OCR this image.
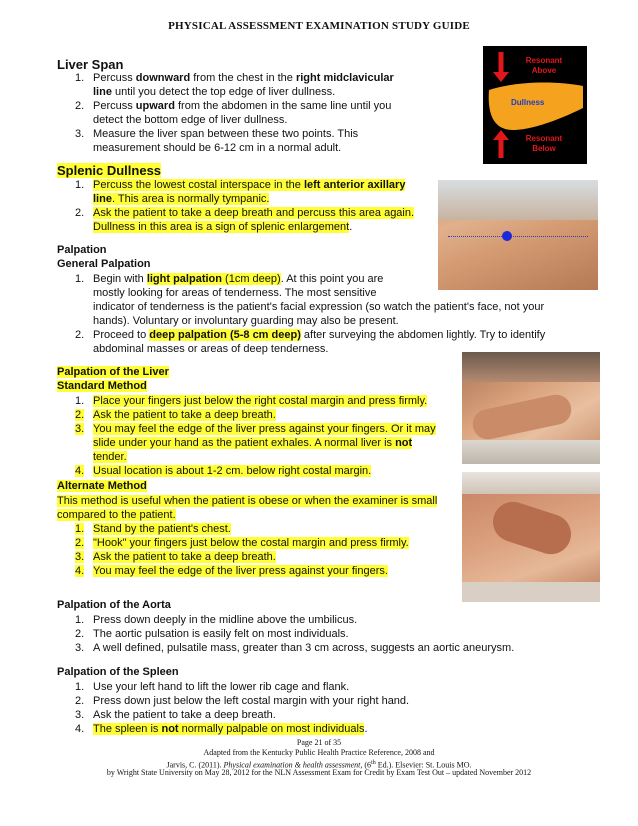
PHYSICAL ASSESSMENT EXAMINATION STUDY GUIDE
Liver Span
1. Percuss downward from the chest in the right midclavicular
line until you detect the top edge of liver dullness.
2. Percuss upward from the abdomen in the same line until you
detect the bottom edge of liver dullness.
3. Measure the liver span between these two points. This
measurement should be 6-12 cm in a normal adult.
Resonant Above
Dullness
Resonant Below
Splenic Dullness
1. Percuss the lowest costal interspace in the left anterior axillary
line. This area is normally tympanic.
2. Ask the patient to take a deep breath and percuss this area again.
Dullness in this area is a sign of splenic enlargement.
Palpation
General Palpation
1. Begin with light palpation (1cm deep). At this point you are
mostly looking for areas of tenderness. The most sensitive
indicator of tenderness is the patient's facial expression (so watch the patient's face, not your
hands). Voluntary or involuntary guarding may also be present.
2. Proceed to deep palpation (5-8 cm deep) after surveying the abdomen lightly. Try to identify
abdominal masses or areas of deep tenderness.
Palpation of the Liver
Standard Method
1. Place your fingers just below the right costal margin and press firmly.
2. Ask the patient to take a deep breath.
3. You may feel the edge of the liver press against your fingers. Or it may
slide under your hand as the patient exhales. A normal liver is not
tender.
4. Usual location is about 1-2 cm. below right costal margin.
Alternate Method
This method is useful when the patient is obese or when the examiner is small
compared to the patient.
1. Stand by the patient's chest.
2. "Hook" your fingers just below the costal margin and press firmly.
3. Ask the patient to take a deep breath.
4. You may feel the edge of the liver press against your fingers.
Palpation of the Aorta
1. Press down deeply in the midline above the umbilicus.
2. The aortic pulsation is easily felt on most individuals.
3. A well defined, pulsatile mass, greater than 3 cm across, suggests an aortic aneurysm.
Palpation of the Spleen
1. Use your left hand to lift the lower rib cage and flank.
2. Press down just below the left costal margin with your right hand.
3. Ask the patient to take a deep breath.
4. The spleen is not normally palpable on most individuals.
Page 21 of 35
Adapted from the Kentucky Public Health Practice Reference, 2008 and
Jarvis, C. (2011). Physical examination & health assessment, (6th Ed.). Elsevier: St. Louis MO.
by Wright State University on May 28, 2012 for the NLN Assessment Exam for Credit by Exam Test Out – updated November 2012
